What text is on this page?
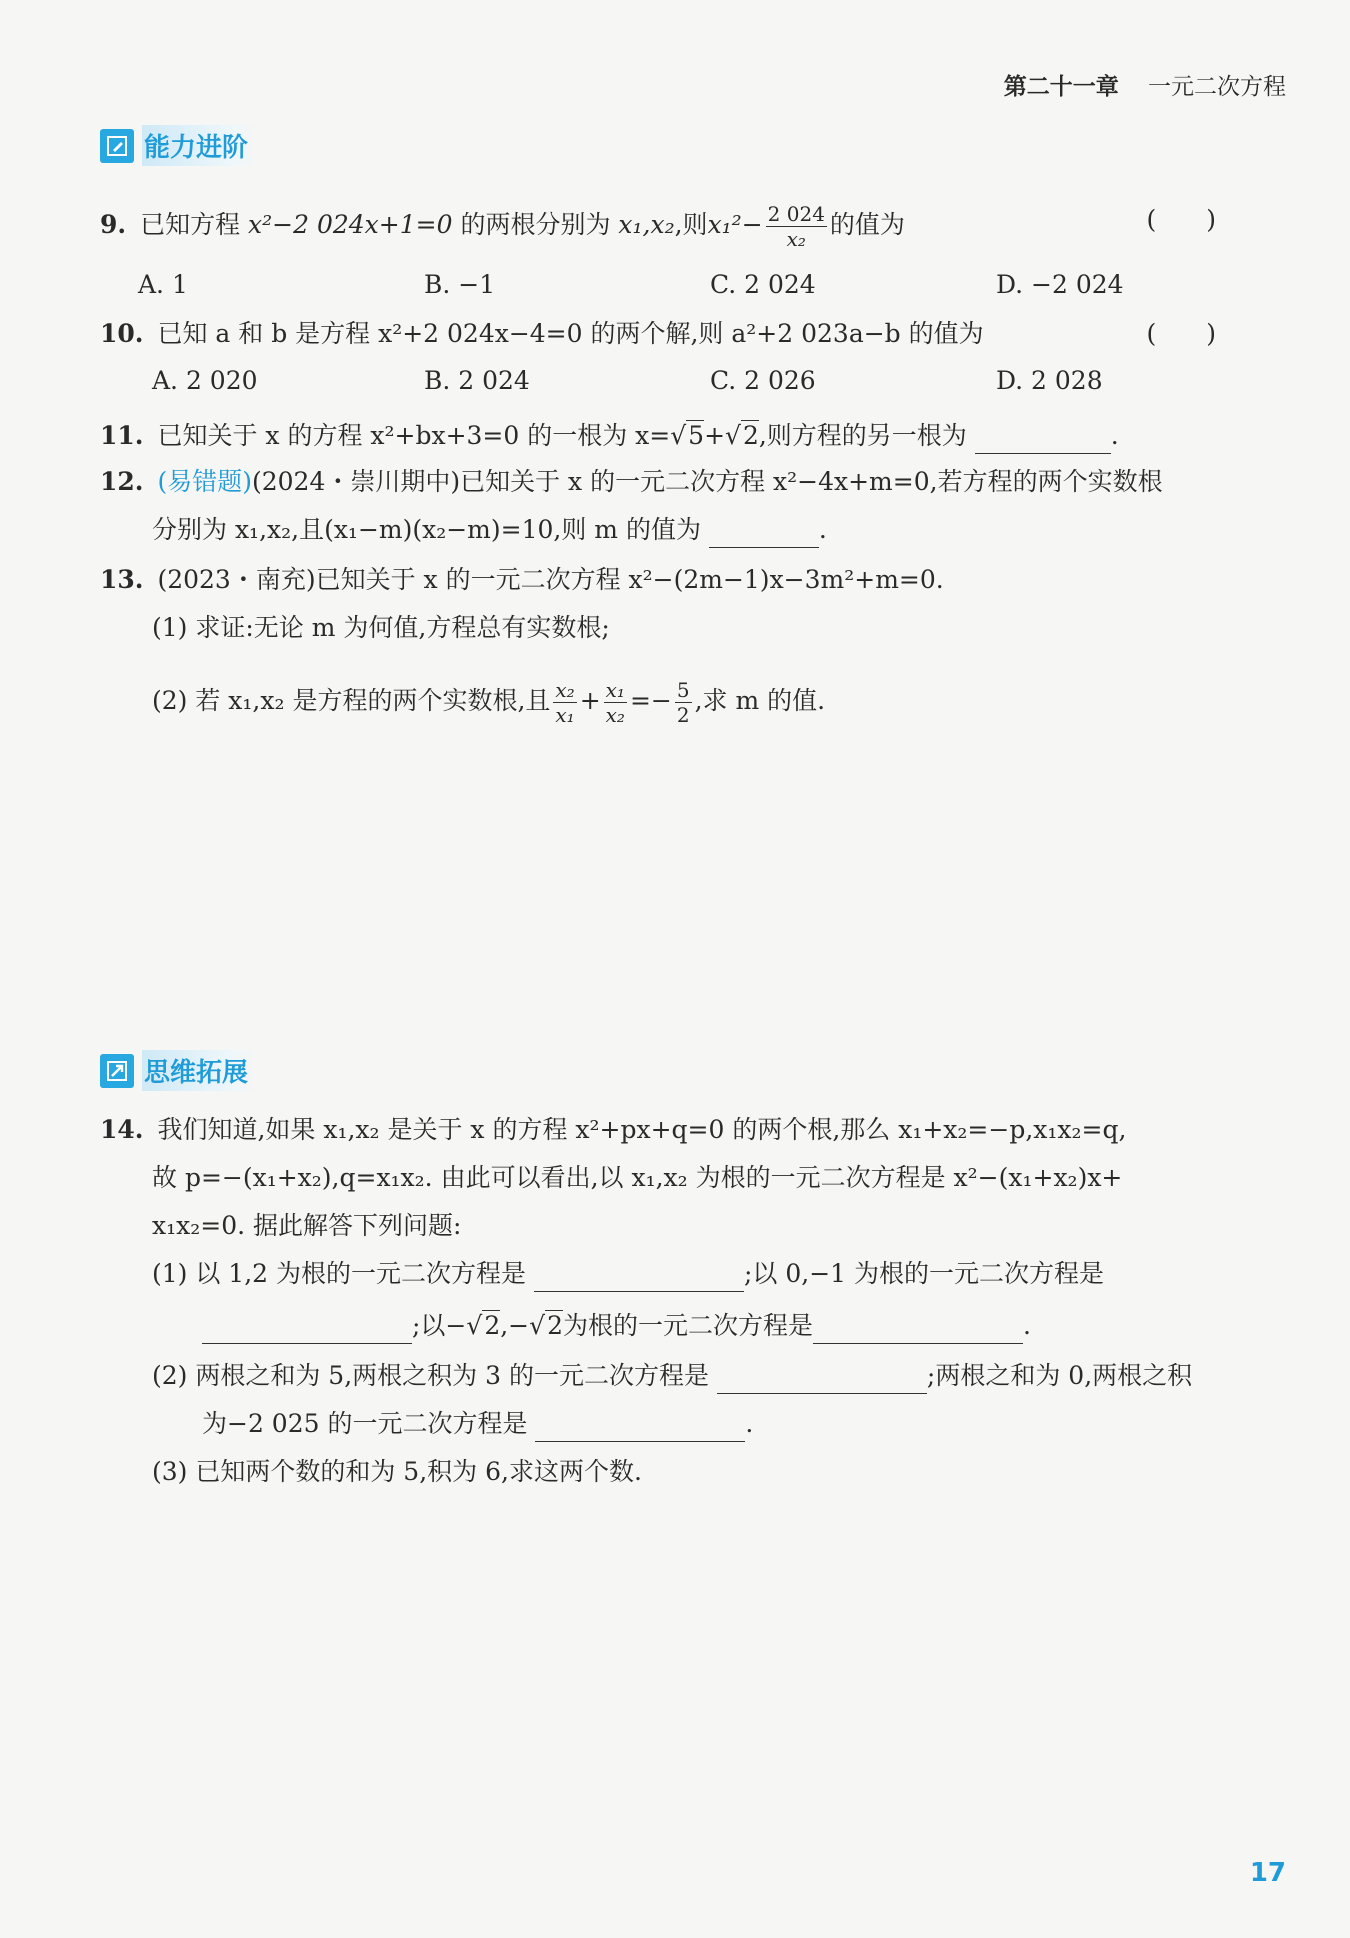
第二十一章 一元二次方程
能力进阶
9. 已知方程 x²−2 024x+1=0 的两根分别为 x₁,x₂,则$x_1^2- \frac{2 024}{\text{x₂}}$ 的值为	(　　)
A. 1	B. −1	C. 2 024	D. −2 024
10. 已知 a 和 b 是方程 x²+2 024x−4=0 的两个解,则 a²+2 023a−b 的值为	(　　)
A. 2 020	B. 2 024	C. 2 026	D. 2 028
11. 已知关于 x 的方程 x²+bx+3=0 的一根为 x=√5+√2,则方程的另一根为	.
12. (易错题)(2024・崇川期中)已知关于 x 的一元二次方程 x²−4x+m=0,若方程的两个实数根
分别为 x₁,x₂,且(x₁−m)(x₂−m)=10,则 m 的值为	.
13. (2023・南充)已知关于 x 的一元二次方程 x²−(2m−1)x−3m²+m=0.
(1) 求证:无论 m 为何值,方程总有实数根;
(2) 若 x₁,x₂ 是方程的两个实数根,且 $\frac{\text{x₂}}{\text{x₁}} + \frac{\text{x₁}}{\text{x₂}} =- \frac{5}{2}$ ,求 m 的值.
思维拓展
14. 我们知道,如果 x₁,x₂ 是关于 x 的方程 x²+px+q=0 的两个根,那么 x₁+x₂=−p,x₁x₂=q,
故 p=−(x₁+x₂),q=x₁x₂. 由此可以看出,以 x₁,x₂ 为根的一元二次方程是 x²−(x₁+x₂)x+
x₁x₂=0. 据此解答下列问题:
(1) 以 1,2 为根的一元二次方程是	;以 0,−1 为根的一元二次方程是
;以−√2,−√2为根的一元二次方程是	.
(2) 两根之和为 5,两根之积为 3 的一元二次方程是	;两根之和为 0,两根之积
为−2 025 的一元二次方程是	.
(3) 已知两个数的和为 5,积为 6,求这两个数.
17
